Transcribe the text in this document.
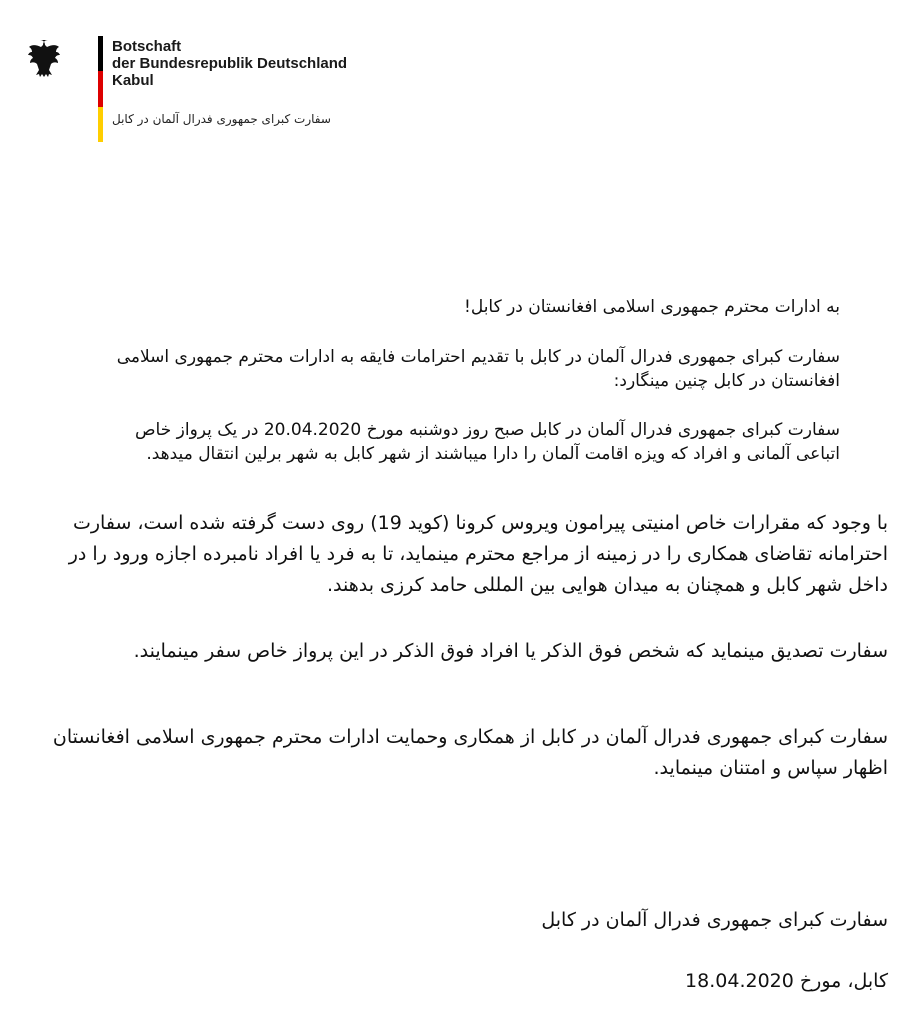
Botschaft
der Bundesrepublik Deutschland
Kabul
سفارت کبرای جمهوری فدرال آلمان در کابل
به ادارات محترم جمهوری اسلامی افغانستان در کابل!
سفارت کبرای جمهوری فدرال آلمان در کابل با تقدیم احترامات فایقه به ادارات محترم جمهوری اسلامی افغانستان در کابل چنین مینگارد:
سفارت کبرای جمهوری فدرال آلمان در کابل صبح روز دوشنبه مورخ 20.04.2020 در یک پرواز خاص اتباعی آلمانی و افراد که ویزه اقامت آلمان را دارا میباشند از شهر کابل به شهر برلین انتقال میدهد.
با وجود که مقرارات خاص امنیتی پیرامون ویروس کرونا (کوید 19) روی دست گرفته شده است، سفارت احترامانه تقاضای همکاری را در زمینه از مراجع محترم مینماید، تا به فرد یا افراد نامبرده اجازه ورود را در داخل شهر کابل و همچنان به میدان هوایی بین المللی حامد کرزی بدهند.
سفارت تصدیق مینماید که شخص فوق الذکر یا افراد فوق الذکر در این پرواز خاص سفر مینمایند.
سفارت کبرای جمهوری فدرال آلمان در کابل از همکاری وحمایت ادارات محترم جمهوری اسلامی افغانستان اظهار سپاس و امتنان مینماید.
سفارت کبرای جمهوری فدرال آلمان در کابل
کابل، مورخ 18.04.2020
